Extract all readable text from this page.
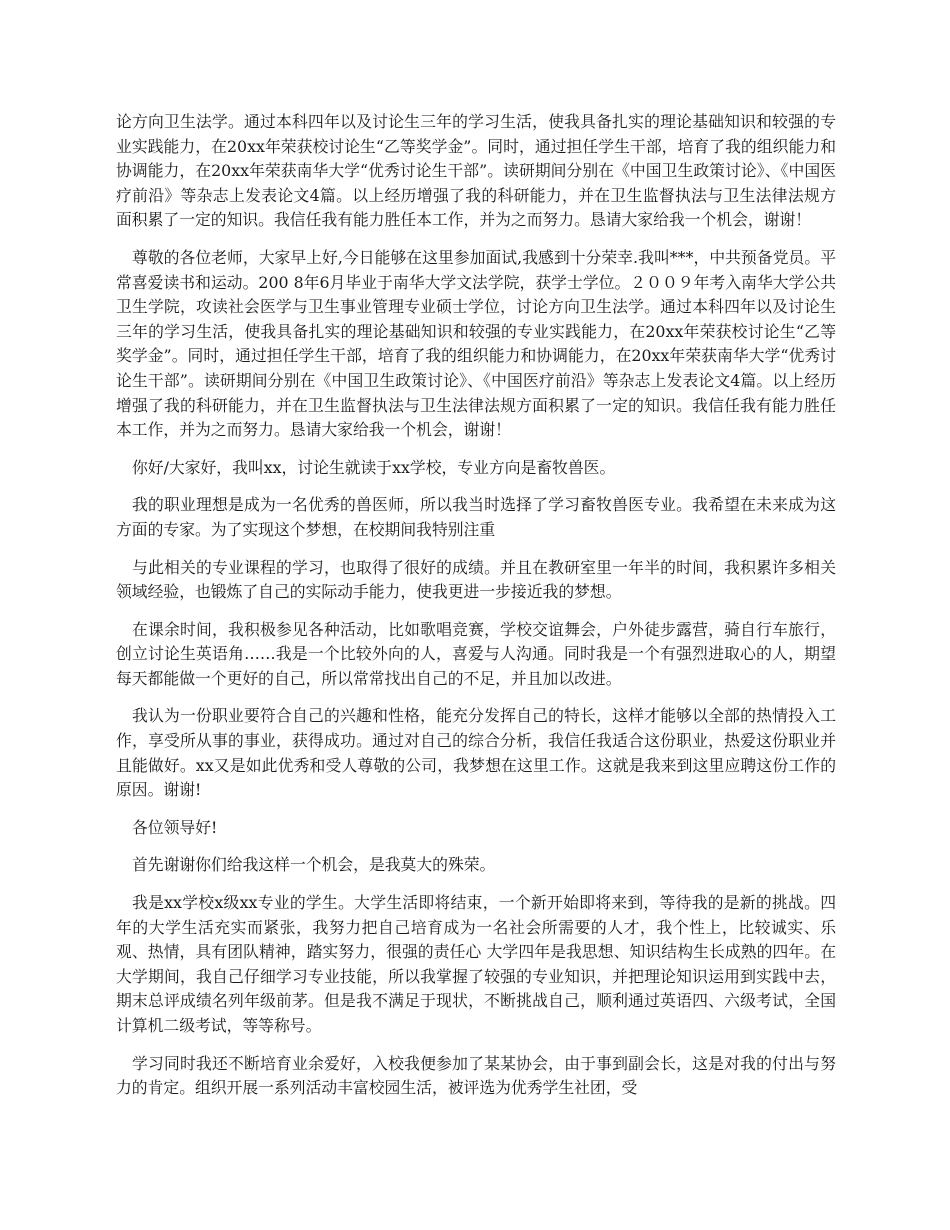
论方向卫生法学。通过本科四年以及讨论生三年的学习生活，使我具备扎实的理论基础知识和较强的专业实践能力，在20xx年荣获校讨论生“乙等奖学金”。同时，通过担任学生干部，培育了我的组织能力和协调能力，在20xx年荣获南华大学“优秀讨论生干部”。读研期间分别在《中国卫生政策讨论》、《中国医疗前沿》等杂志上发表论文4篇。以上经历增强了我的科研能力，并在卫生监督执法与卫生法律法规方面积累了一定的知识。我信任我有能力胜任本工作，并为之而努力。恳请大家给我一个机会，谢谢！

尊敬的各位老师，大家早上好,今日能够在这里参加面试,我感到十分荣幸.我叫***，中共预备党员。平常喜爱读书和运动。200 8年6月毕业于南华大学文法学院，获学士学位。２００９年考入南华大学公共卫生学院，攻读社会医学与卫生事业管理专业硕士学位，讨论方向卫生法学。通过本科四年以及讨论生三年的学习生活，使我具备扎实的理论基础知识和较强的专业实践能力，在20xx年荣获校讨论生“乙等奖学金”。同时，通过担任学生干部，培育了我的组织能力和协调能力，在20xx年荣获南华大学“优秀讨论生干部”。读研期间分别在《中国卫生政策讨论》、《中国医疗前沿》等杂志上发表论文4篇。以上经历增强了我的科研能力，并在卫生监督执法与卫生法律法规方面积累了一定的知识。我信任我有能力胜任本工作，并为之而努力。恳请大家给我一个机会，谢谢！

你好/大家好，我叫xx，讨论生就读于xx学校，专业方向是畜牧兽医。

我的职业理想是成为一名优秀的兽医师，所以我当时选择了学习畜牧兽医专业。我希望在未来成为这方面的专家。为了实现这个梦想，在校期间我特别注重

与此相关的专业课程的学习，也取得了很好的成绩。并且在教研室里一年半的时间，我积累许多相关领域经验，也锻炼了自己的实际动手能力，使我更进一步接近我的梦想。

在课余时间，我积极参见各种活动，比如歌唱竞赛，学校交谊舞会，户外徒步露营，骑自行车旅行，创立讨论生英语角……我是一个比较外向的人，喜爱与人沟通。同时我是一个有强烈进取心的人，期望每天都能做一个更好的自己，所以常常找出自己的不足，并且加以改进。

我认为一份职业要符合自己的兴趣和性格，能充分发挥自己的特长，这样才能够以全部的热情投入工作，享受所从事的事业，获得成功。通过对自己的综合分析，我信任我适合这份职业，热爱这份职业并且能做好。xx又是如此优秀和受人尊敬的公司，我梦想在这里工作。这就是我来到这里应聘这份工作的原因。谢谢!

各位领导好!

首先谢谢你们给我这样一个机会，是我莫大的殊荣。

我是xx学校x级xx专业的学生。大学生活即将结束，一个新开始即将来到，等待我的是新的挑战。四年的大学生活充实而紧张，我努力把自己培育成为一名社会所需要的人才，我个性上，比较诚实、乐观、热情，具有团队精神，踏实努力，很强的责任心 大学四年是我思想、知识结构生长成熟的四年。在大学期间，我自己仔细学习专业技能，所以我掌握了较强的专业知识，并把理论知识运用到实践中去，期末总评成绩名列年级前茅。但是我不满足于现状，不断挑战自己，顺利通过英语四、六级考试，全国计算机二级考试，等等称号。

学习同时我还不断培育业余爱好，入校我便参加了某某协会，由于事到副会长，这是对我的付出与努力的肯定。组织开展一系列活动丰富校园生活，被评选为优秀学生社团，受
